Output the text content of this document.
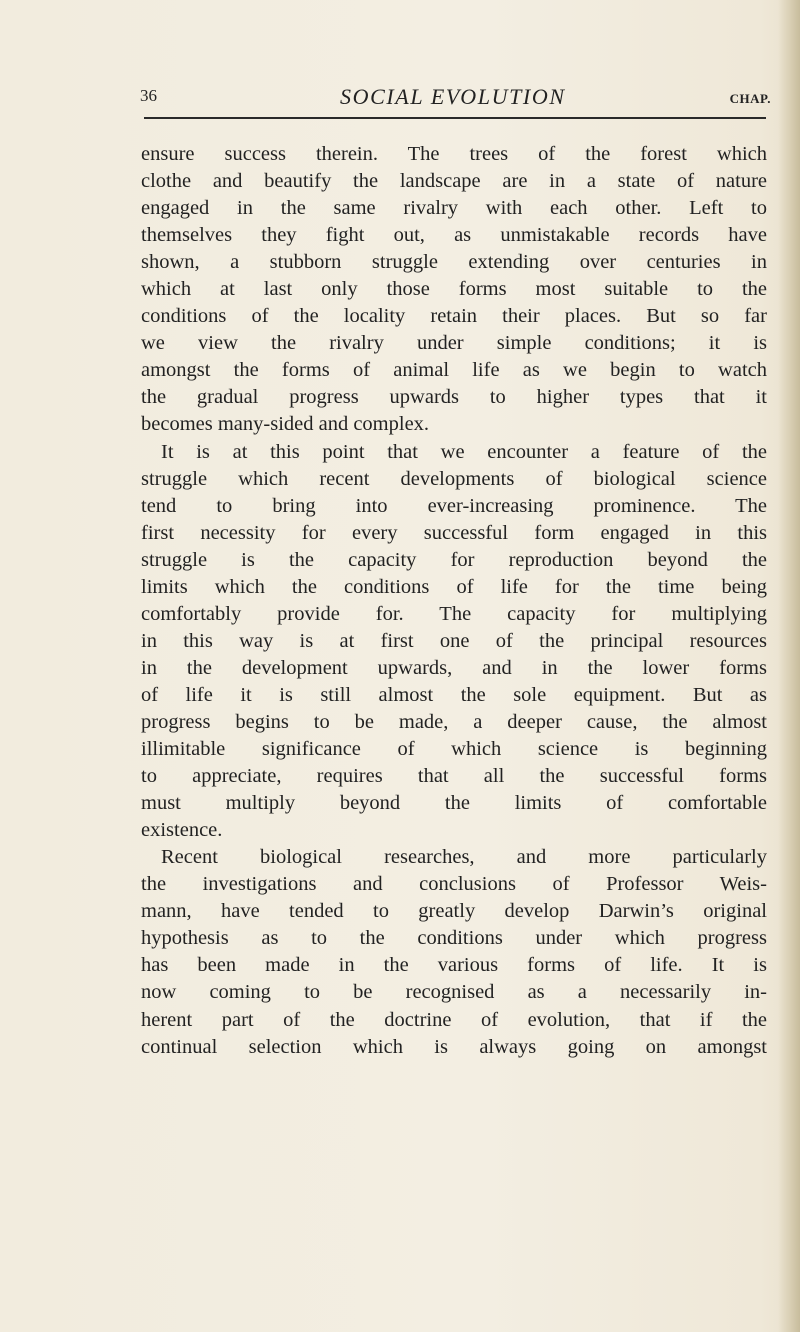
36	SOCIAL EVOLUTION	CHAP.
ensure success therein. The trees of the forest which
clothe and beautify the landscape are in a state of nature
engaged in the same rivalry with each other. Left to
themselves they fight out, as unmistakable records have
shown, a stubborn struggle extending over centuries in
which at last only those forms most suitable to the
conditions of the locality retain their places. But so far
we view the rivalry under simple conditions; it is
amongst the forms of animal life as we begin to watch
the gradual progress upwards to higher types that it
becomes many-sided and complex.
It is at this point that we encounter a feature of the
struggle which recent developments of biological science
tend to bring into ever-increasing prominence. The
first necessity for every successful form engaged in this
struggle is the capacity for reproduction beyond the
limits which the conditions of life for the time being
comfortably provide for. The capacity for multiplying
in this way is at first one of the principal resources
in the development upwards, and in the lower forms
of life it is still almost the sole equipment. But as
progress begins to be made, a deeper cause, the almost
illimitable significance of which science is beginning
to appreciate, requires that all the successful forms
must multiply beyond the limits of comfortable
existence.
Recent biological researches, and more particularly
the investigations and conclusions of Professor Weis-
mann, have tended to greatly develop Darwin’s original
hypothesis as to the conditions under which progress
has been made in the various forms of life. It is
now coming to be recognised as a necessarily in-
herent part of the doctrine of evolution, that if the
continual selection which is always going on amongst
